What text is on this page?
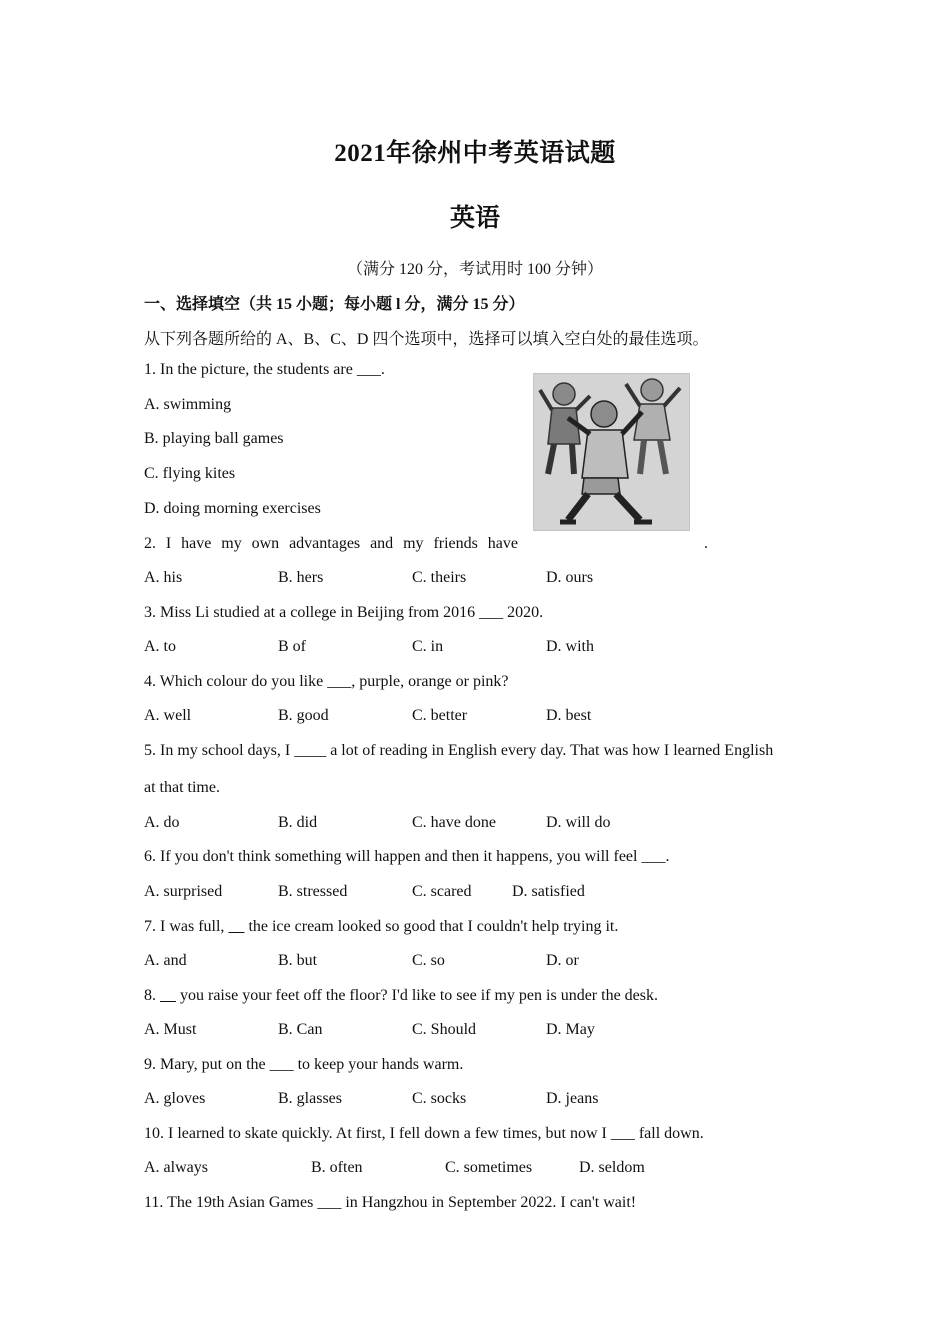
2021年徐州中考英语试题
英语
（满分 120 分，考试用时 100 分钟）
一、选择填空（共 15 小题；每小题 l 分，满分 15 分）
从下列各题所给的 A、B、C、D 四个选项中，选择可以填入空白处的最佳选项。
1. In the picture, the students are ___.
A. swimming
B. playing ball games
C. flying kites
D. doing morning exercises
2. I have my own advantages and my friends have	.
A. his	B. hers	C. theirs	D. ours
3. Miss Li studied at a college in Beijing from 2016 ___ 2020.
A. to	B of	C. in	D. with
4. Which colour do you like ___, purple, orange or pink?
A. well	B. good	C. better	D. best
5. In my school days, I ____ a lot of reading in English every day. That was how I learned English
at that time.
A. do	B. did	C. have done	D. will do
6. If you don't think something will happen and then it happens, you will feel ___.
A. surprised	B. stressed	C. scared	D. satisfied
7. I was full,      the ice cream looked so good that I couldn't help trying it.
A. and	B. but	C. so	D. or
8.      you raise your feet off the floor? I'd like to see if my pen is under the desk.
A. Must	B. Can	C. Should	D. May
9. Mary, put on the ___ to keep your hands warm.
A. gloves	B. glasses	C. socks	D. jeans
10. I learned to skate quickly. At first, I fell down a few times, but now I ___ fall down.
A. always	B. often	C. sometimes	D. seldom
11. The 19th Asian Games ___ in Hangzhou in September 2022. I can't wait!
